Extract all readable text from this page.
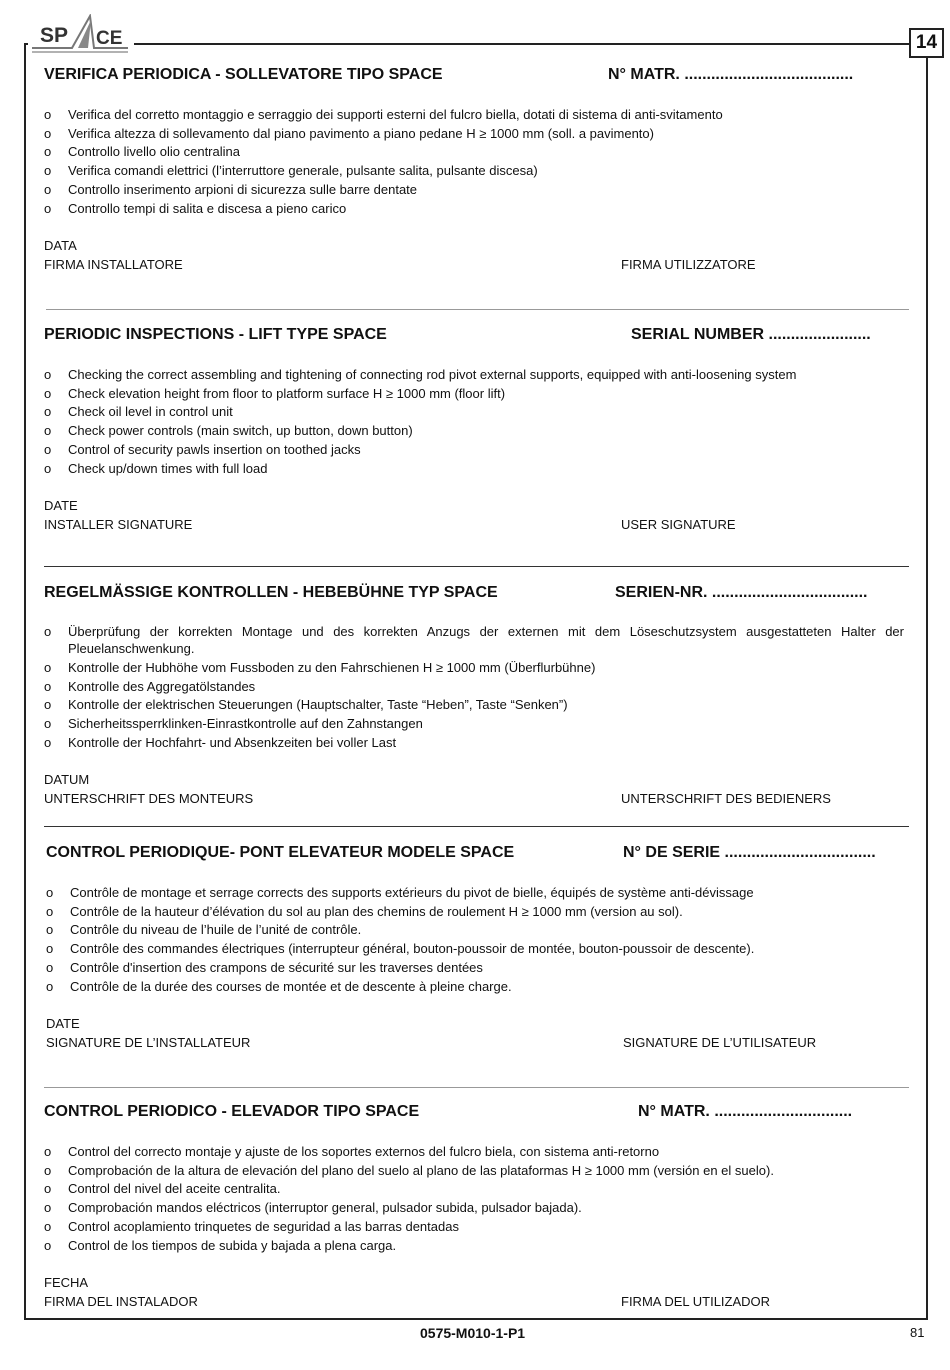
SP CE	14
VERIFICA PERIODICA - SOLLEVATORE TIPO SPACE	N° MATR. ......................................
o Verifica del corretto montaggio e serraggio dei supporti esterni del fulcro biella, dotati di sistema di anti-svitamento
o Verifica altezza di sollevamento dal piano pavimento a piano pedane H ≥ 1000 mm (soll. a pavimento)
o Controllo livello olio centralina
o Verifica comandi elettrici (l’interruttore generale, pulsante salita, pulsante discesa)
o Controllo inserimento arpioni di sicurezza sulle barre dentate
o Controllo tempi di salita e discesa a pieno carico
DATA
FIRMA INSTALLATORE	FIRMA UTILIZZATORE
PERIODIC INSPECTIONS - LIFT TYPE SPACE	SERIAL NUMBER .......................
o Checking the correct assembling and tightening of connecting rod pivot external supports, equipped with anti-loosening system
o Check elevation height from floor to platform surface H ≥ 1000 mm (floor lift)
o Check oil level in control unit
o Check power controls (main switch, up button, down button)
o Control of security pawls insertion on toothed jacks
o Check up/down times with full load
DATE
INSTALLER SIGNATURE	USER SIGNATURE
REGELMÄSSIGE KONTROLLEN - HEBEBÜHNE TYP SPACE	SERIEN-NR. ...................................
o Überprüfung der korrekten Montage und des korrekten Anzugs der externen mit dem Löseschutzsystem ausgestatteten Halter der Pleuelanschwenkung.
o Kontrolle der Hubhöhe vom Fussboden zu den Fahrschienen H ≥ 1000 mm (Überflurbühne)
o Kontrolle des Aggregatölstandes
o Kontrolle der elektrischen Steuerungen (Hauptschalter, Taste “Heben”, Taste “Senken”)
o Sicherheitssperrklinken-Einrastkontrolle auf den Zahnstangen
o Kontrolle der Hochfahrt- und Absenkzeiten bei voller Last
DATUM
UNTERSCHRIFT DES MONTEURS	UNTERSCHRIFT DES BEDIENERS
CONTROL PERIODIQUE- PONT ELEVATEUR MODELE SPACE	N° DE SERIE ..................................
o Contrôle de montage et serrage corrects des supports extérieurs du pivot de bielle, équipés de système anti-dévissage
o Contrôle de la hauteur d’élévation du sol au plan des chemins de roulement H ≥ 1000 mm (version au sol).
o Contrôle du niveau de l’huile de l’unité de contrôle.
o Contrôle des commandes électriques (interrupteur général, bouton-poussoir de montée, bouton-poussoir de descente).
o Contrôle d'insertion des crampons de sécurité sur les traverses dentées
o Contrôle de la durée des courses de montée et de descente à pleine charge.
DATE
SIGNATURE DE L’INSTALLATEUR	SIGNATURE DE L’UTILISATEUR
CONTROL PERIODICO - ELEVADOR TIPO SPACE	N° MATR. ...............................
o Control del correcto montaje y ajuste de los soportes externos del fulcro biela, con sistema anti-retorno
o Comprobación de la altura de elevación del plano del suelo al plano de las plataformas H ≥ 1000 mm (versión en el suelo).
o Control del nivel del aceite centralita.
o Comprobación mandos eléctricos (interruptor general, pulsador subida, pulsador bajada).
o Control acoplamiento trinquetes de seguridad a las barras dentadas
o Control de los tiempos de subida y bajada a plena carga.
FECHA
FIRMA DEL INSTALADOR	FIRMA DEL UTILIZADOR
0575-M010-1-P1	81
